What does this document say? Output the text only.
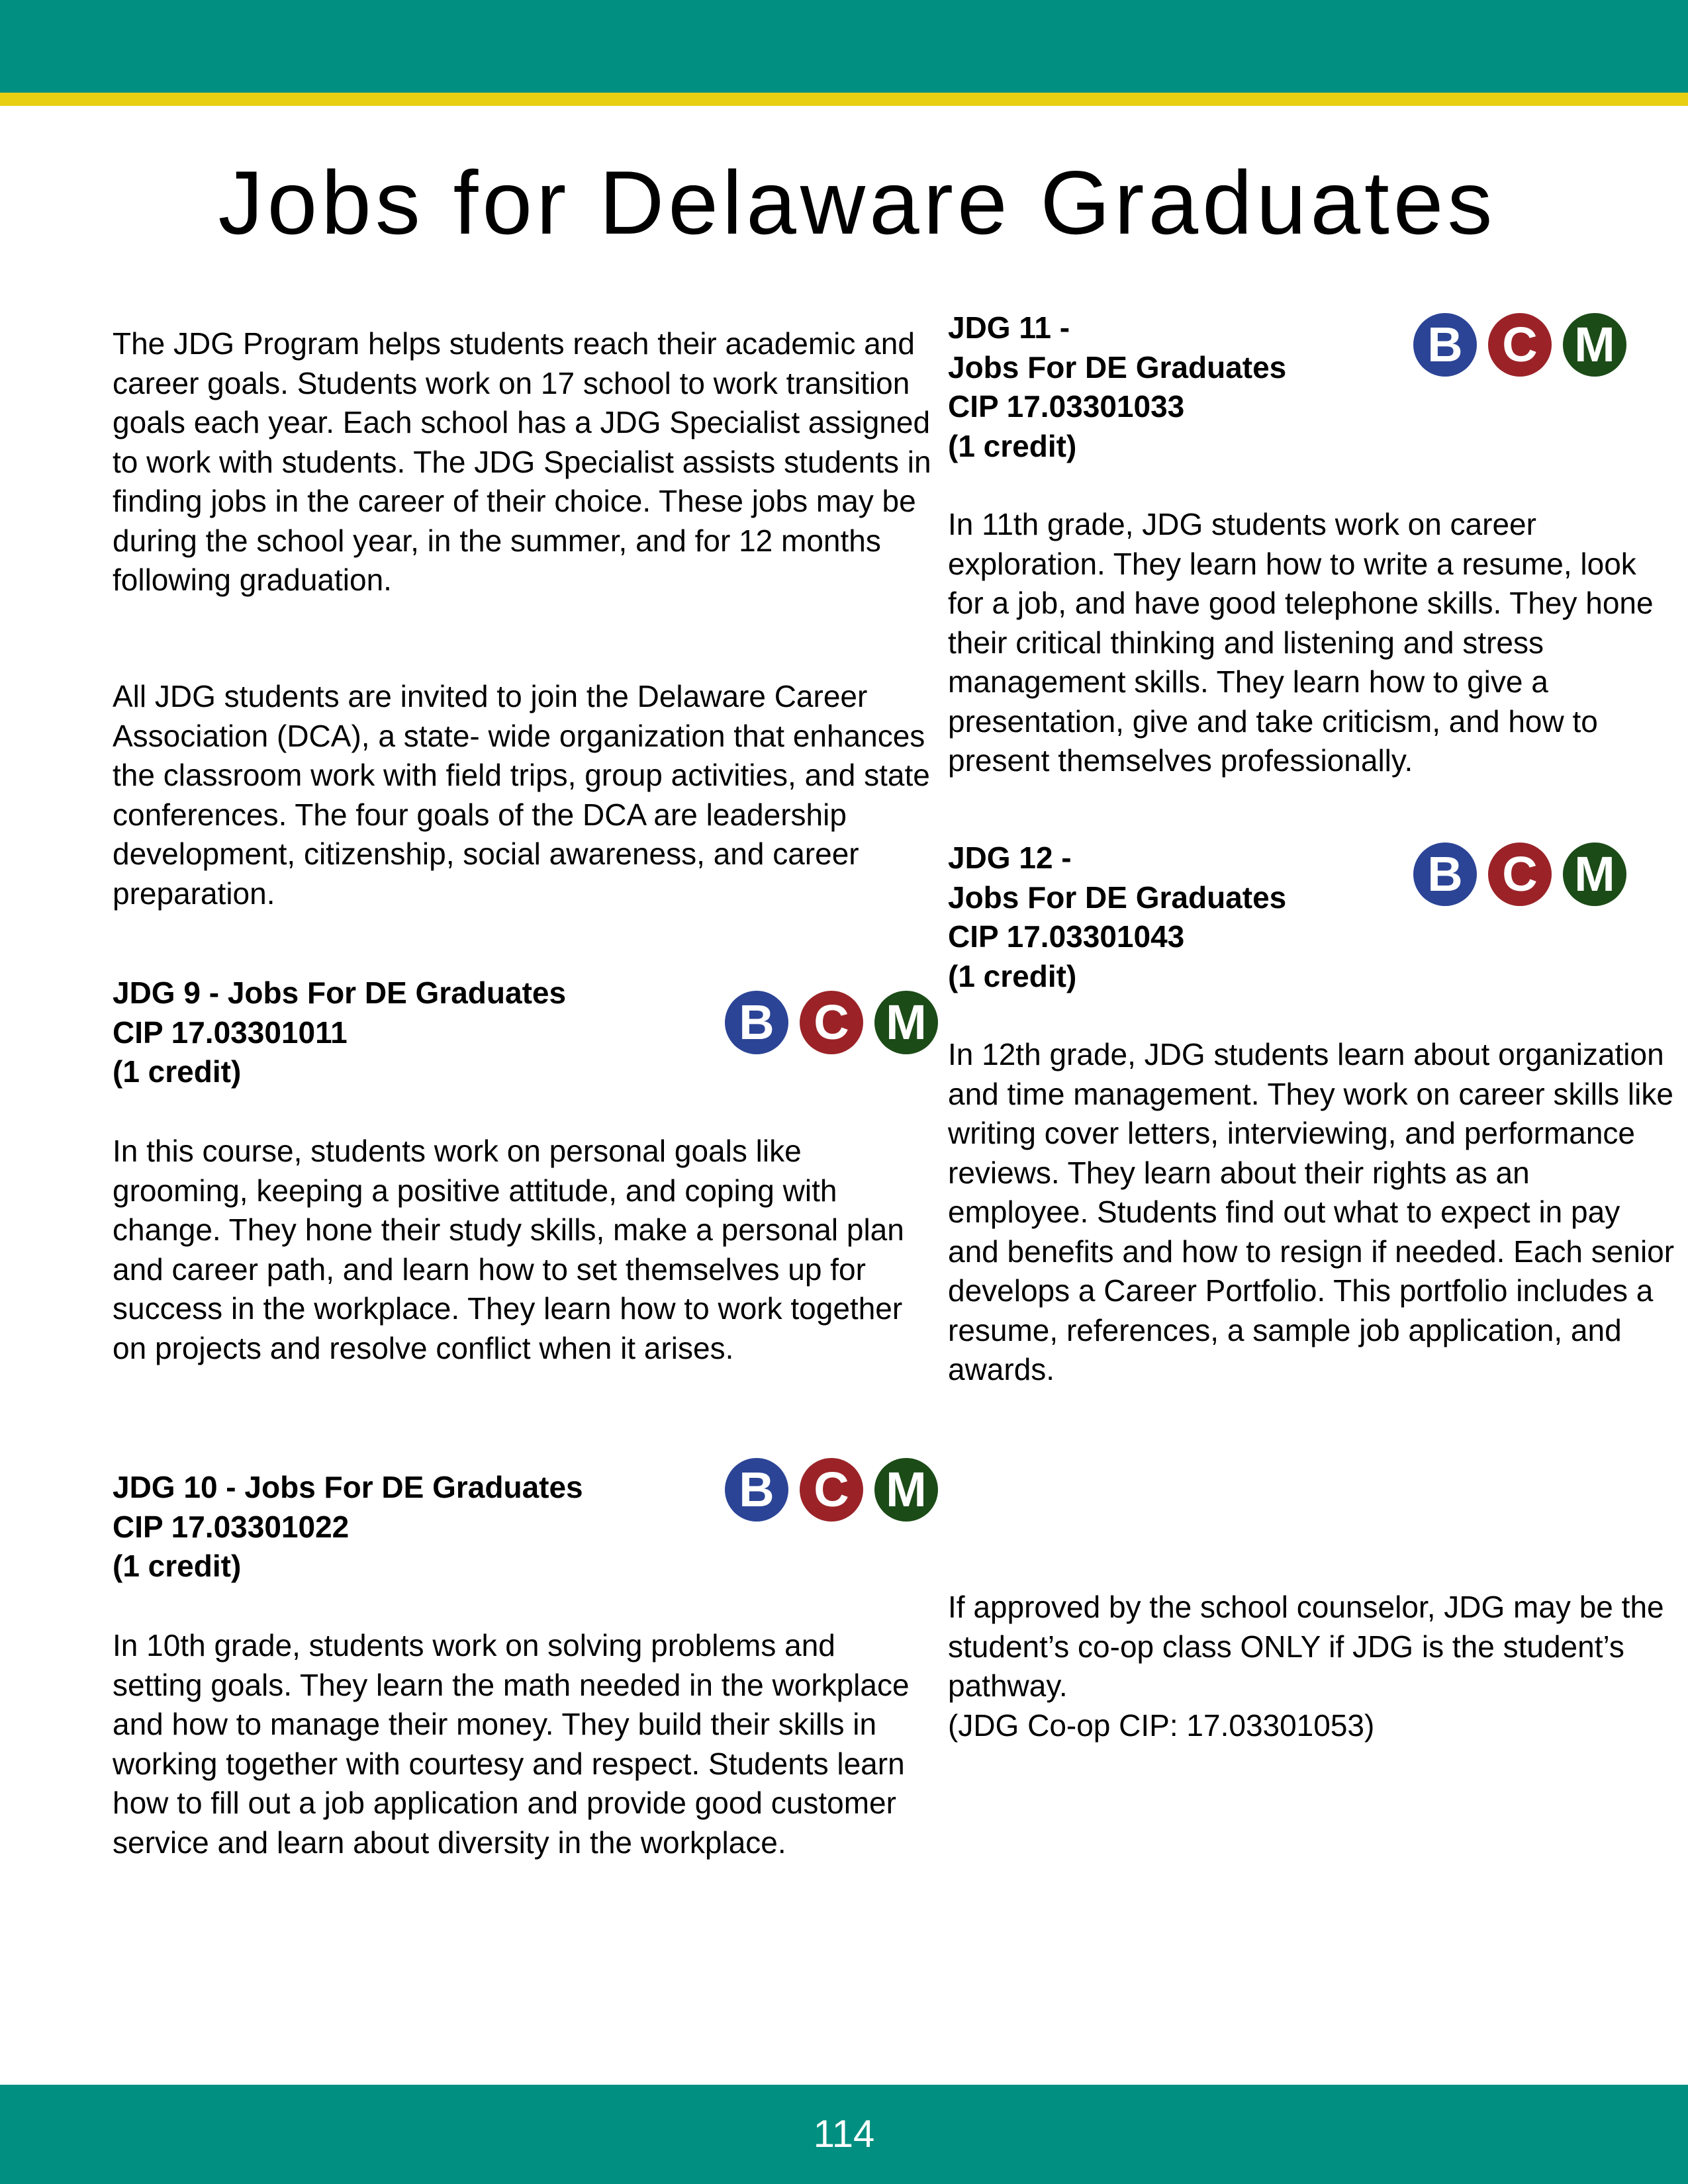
Jobs for Delaware Graduates

The JDG Program helps students reach their academic and career goals. Students work on 17 school to work transition goals each year. Each school has a JDG Specialist assigned to work with students. The JDG Specialist assists students in finding jobs in the career of their choice. These jobs may be during the school year, in the summer, and for 12 months following graduation.

All JDG students are invited to join the Delaware Career Association (DCA), a state- wide organization that enhances the classroom work with field trips, group activities, and state conferences. The four goals of the DCA are leadership development, citizenship, social awareness, and career preparation.

JDG 9 - Jobs For DE Graduates
CIP 17.03301011
(1 credit)
B C M

In this course, students work on personal goals like grooming, keeping a positive attitude, and coping with change. They hone their study skills, make a personal plan and career path, and learn how to set themselves up for success in the workplace. They learn how to work together on projects and resolve conflict when it arises.

JDG 10 - Jobs For DE Graduates
CIP 17.03301022
(1 credit)
B C M

In 10th grade, students work on solving problems and setting goals. They learn the math needed in the workplace and how to manage their money. They build their skills in working together with courtesy and respect. Students learn how to fill out a job application and provide good customer service and learn about diversity in the workplace.

JDG 11 -
Jobs For DE Graduates
CIP 17.03301033
(1 credit)
B C M

In 11th grade, JDG students work on career exploration. They learn how to write a resume, look for a job, and have good telephone skills. They hone their critical thinking and listening and stress management skills. They learn how to give a presentation, give and take criticism, and how to present themselves professionally.

JDG 12 -
Jobs For DE Graduates
CIP 17.03301043
(1 credit)
B C M

In 12th grade, JDG students learn about organization and time management. They work on career skills like writing cover letters, interviewing, and performance reviews. They learn about their rights as an employee. Students find out what to expect in pay and benefits and how to resign if needed. Each senior develops a Career Portfolio. This portfolio includes a resume, references, a sample job application, and awards.

If approved by the school counselor, JDG may be the student’s co-op class ONLY if JDG is the student’s pathway.

(JDG Co-op CIP: 17.03301053)

114
